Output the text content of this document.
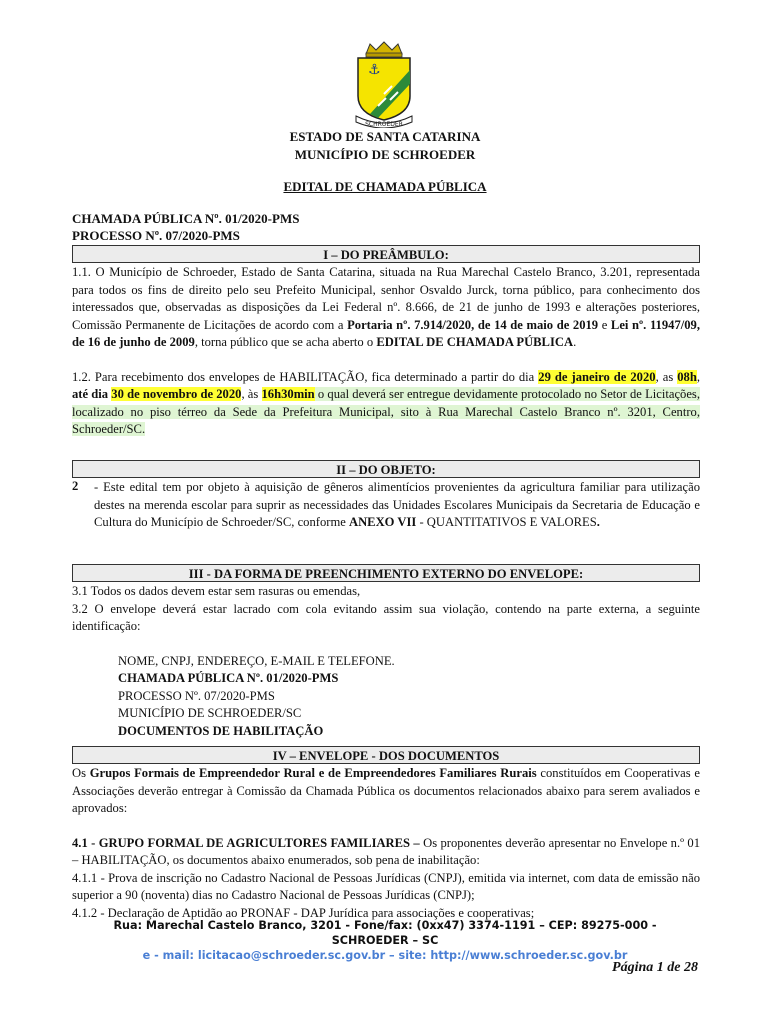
⚓
SCHROEDER
ESTADO DE SANTA CATARINA
MUNICÍPIO DE SCHROEDER
EDITAL DE CHAMADA PÚBLICA
CHAMADA PÚBLICA Nº. 01/2020-PMS
PROCESSO Nº. 07/2020-PMS
I – DO PREÂMBULO:

1.1. O Município de Schroeder, Estado de Santa Catarina, situada na Rua Marechal Castelo Branco, 3.201, representada para todos os fins de direito pelo seu Prefeito Municipal, senhor Osvaldo Jurck, torna público, para conhecimento dos interessados que, observadas as disposições da Lei Federal nº. 8.666, de 21 de junho de 1993 e alterações posteriores, Comissão Permanente de Licitações de acordo com a Portaria nº. 7.914/2020, de 14 de maio de 2019 e Lei nº. 11947/09, de 16 de junho de 2009, torna público que se acha aberto o EDITAL DE CHAMADA PÚBLICA.

1.2. Para recebimento dos envelopes de HABILITAÇÃO, fica determinado a partir do dia 29 de janeiro de 2020, as 08h, até dia 30 de novembro de 2020, às 16h30min o qual deverá ser entregue devidamente protocolado no Setor de Licitações, localizado no piso térreo da Sede da Prefeitura Municipal, sito à Rua Marechal Castelo Branco nº. 3201, Centro, Schroeder/SC.

II – DO OBJETO:
2	- Este edital tem por objeto à aquisição de gêneros alimentícios provenientes da agricultura familiar para utilização destes na merenda escolar para suprir as necessidades das Unidades Escolares Municipais da Secretaria de Educação e Cultura do Município de Schroeder/SC, conforme ANEXO VII - QUANTITATIVOS E VALORES.
III - DA FORMA DE PREENCHIMENTO EXTERNO DO ENVELOPE:

3.1 Todos os dados devem estar sem rasuras ou emendas,

3.2 O envelope deverá estar lacrado com cola evitando assim sua violação, contendo na parte externa, a seguinte identificação:

NOME, CNPJ, ENDEREÇO, E-MAIL E TELEFONE.
CHAMADA PÚBLICA Nº. 01/2020-PMS
PROCESSO Nº. 07/2020-PMS
MUNICÍPIO DE SCHROEDER/SC
DOCUMENTOS DE HABILITAÇÃO
IV – ENVELOPE - DOS DOCUMENTOS

Os Grupos Formais de Empreendedor Rural e de Empreendedores Familiares Rurais constituídos em Cooperativas e Associações deverão entregar à Comissão da Chamada Pública os documentos relacionados abaixo para serem avaliados e aprovados:

4.1 - GRUPO FORMAL DE AGRICULTORES FAMILIARES – Os proponentes deverão apresentar no Envelope n.º 01 – HABILITAÇÃO, os documentos abaixo enumerados, sob pena de inabilitação:

4.1.1 - Prova de inscrição no Cadastro Nacional de Pessoas Jurídicas (CNPJ), emitida via internet, com data de emissão não superior a 90 (noventa) dias no Cadastro Nacional de Pessoas Jurídicas (CNPJ);

4.1.2 - Declaração de Aptidão ao PRONAF - DAP Jurídica para associações e cooperativas;

Rua: Marechal Castelo Branco, 3201 - Fone/fax: (0xx47) 3374-1191 – CEP: 89275-000 -
SCHROEDER – SC
e - mail: licitacao@schroeder.sc.gov.br – site: http://www.schroeder.sc.gov.br
Página 1 de 28
